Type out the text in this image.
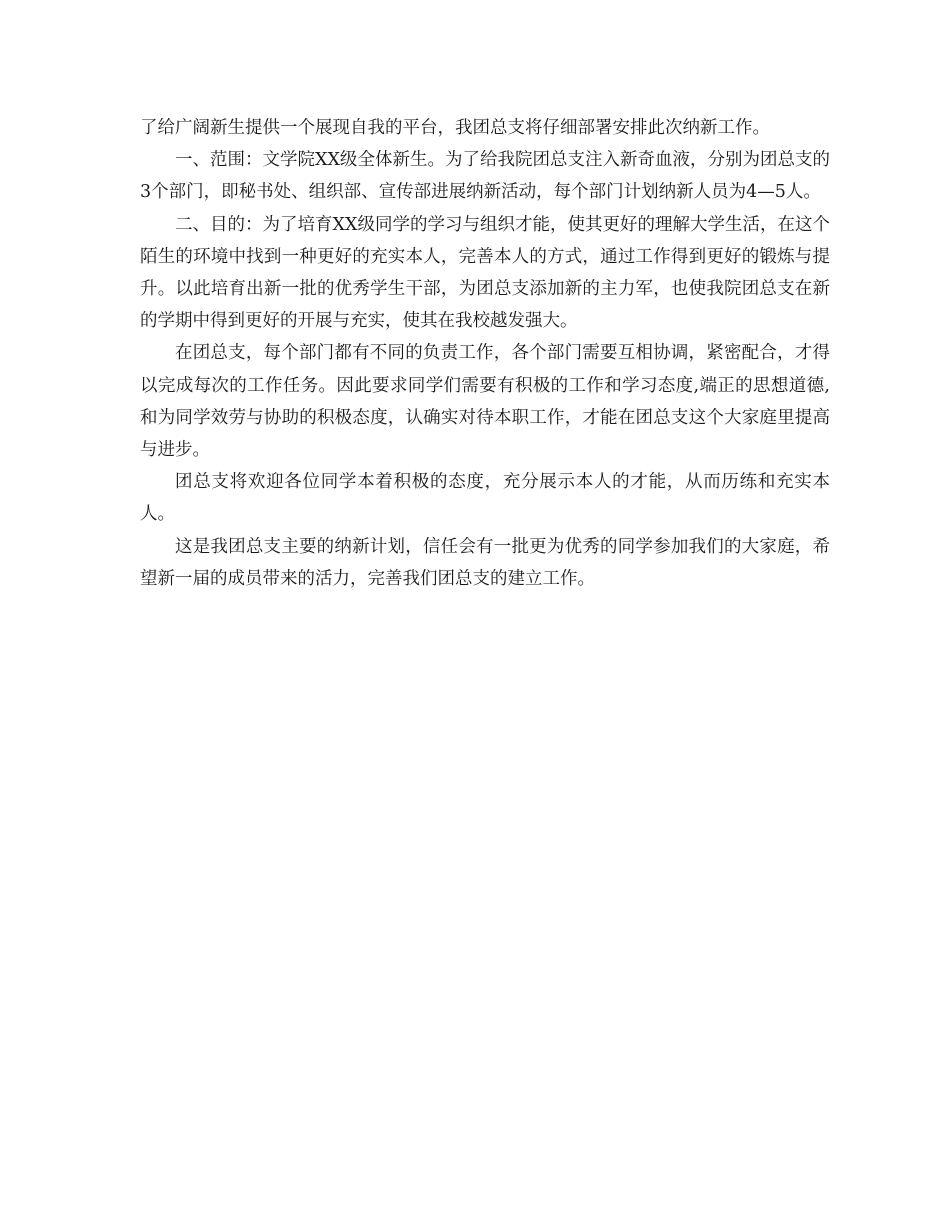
了给广阔新生提供一个展现自我的平台，我团总支将仔细部署安排此次纳新工作。

一、范围：文学院XX级全体新生。为了给我院团总支注入新奇血液，分别为团总支的3个部门，即秘书处、组织部、宣传部进展纳新活动，每个部门计划纳新人员为4—5人。

二、目的：为了培育XX级同学的学习与组织才能，使其更好的理解大学生活，在这个陌生的环境中找到一种更好的充实本人，完善本人的方式，通过工作得到更好的锻炼与提升。以此培育出新一批的优秀学生干部，为团总支添加新的主力军，也使我院团总支在新的学期中得到更好的开展与充实，使其在我校越发强大。

在团总支，每个部门都有不同的负责工作，各个部门需要互相协调，紧密配合，才得以完成每次的工作任务。因此要求同学们需要有积极的工作和学习态度,端正的思想道德,和为同学效劳与协助的积极态度，认确实对待本职工作，才能在团总支这个大家庭里提高与进步。

团总支将欢迎各位同学本着积极的态度，充分展示本人的才能，从而历练和充实本人。

这是我团总支主要的纳新计划，信任会有一批更为优秀的同学参加我们的大家庭，希望新一届的成员带来的活力，完善我们团总支的建立工作。
